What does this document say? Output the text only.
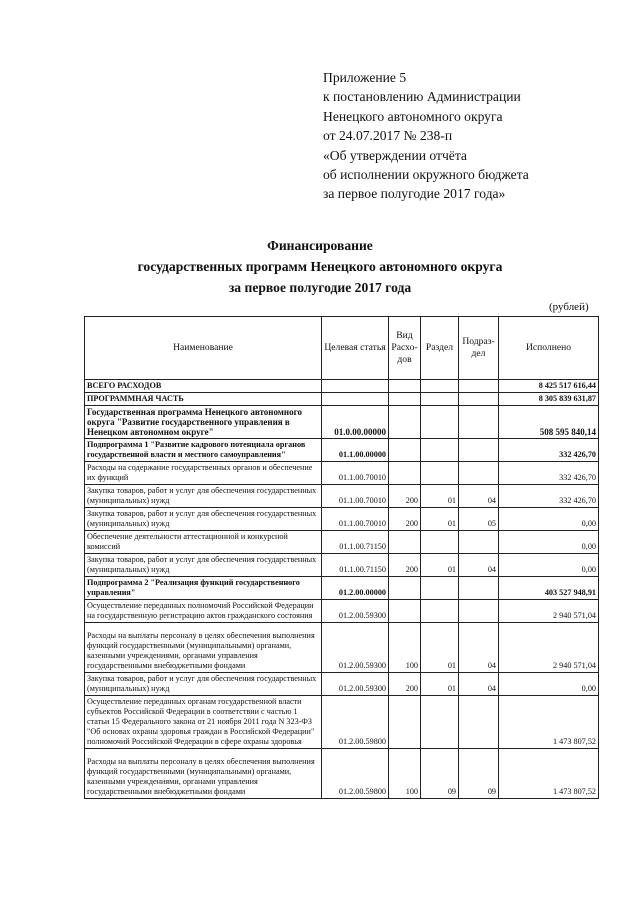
Приложение 5
к постановлению Администрации
Ненецкого автономного округа
от 24.07.2017 № 238-п
«Об утверждении отчёта
об исполнении окружного бюджета
за первое полугодие 2017 года»
Финансирование
государственных программ Ненецкого автономного округа
за первое полугодие 2017 года
(рублей)
Наименование	Целевая статья	Вид Расхо-дов	Раздел	Подраз-дел	Исполнено
ВСЕГО РАСХОДОВ					8 425 517 616,44
ПРОГРАММНАЯ ЧАСТЬ					8 305 839 631,87
Государственная программа Ненецкого автономного округа "Развитие государственного управления в Ненецком автономном округе"	01.0.00.00000				508 595 840,14
Подпрограмма 1 "Развитие кадрового потенциала органов государственной власти и местного самоуправления"	01.1.00.00000				332 426,70
Расходы на содержание государственных органов и обеспечение их функций	01.1.00.70010				332 426,70
Закупка товаров, работ и услуг для обеспечения государственных (муниципальных) нужд	01.1.00.70010	200	01	04	332 426,70
Закупка товаров, работ и услуг для обеспечения государственных (муниципальных) нужд	01.1.00.70010	200	01	05	0,00
Обеспечение деятельности аттестационной и конкурсной комиссий	01.1.00.71150				0,00
Закупка товаров, работ и услуг для обеспечения государственных (муниципальных) нужд	01.1.00.71150	200	01	04	0,00
Подпрограмма 2 "Реализация функций государственного управления"	01.2.00.00000				403 527 948,91
Осуществление переданных полномочий Российской Федерации на государственную регистрацию актов гражданского состояния	01.2.00.59300				2 940 571,04
Расходы на выплаты персоналу в целях обеспечения выполнения функций государственными (муниципальными) органами, казенными учреждениями, органами управления государственными внебюджетными фондами	01.2.00.59300	100	01	04	2 940 571,04
Закупка товаров, работ и услуг для обеспечения государственных (муниципальных) нужд	01.2.00.59300	200	01	04	0,00
Осуществление переданных органам государственной власти субъектов Российской Федерации в соответствии с частью 1 статьи 15 Федерального закона от 21 ноября 2011 года N 323-ФЗ "Об основах охраны здоровья граждан в Российской Федерации" полномочий Российской Федерации в сфере охраны здоровья	01.2.00.59800				1 473 807,52
Расходы на выплаты персоналу в целях обеспечения выполнения функций государственными (муниципальными) органами, казенными учреждениями, органами управления государственными внебюджетными фондами	01.2.00.59800	100	09	09	1 473 807,52
